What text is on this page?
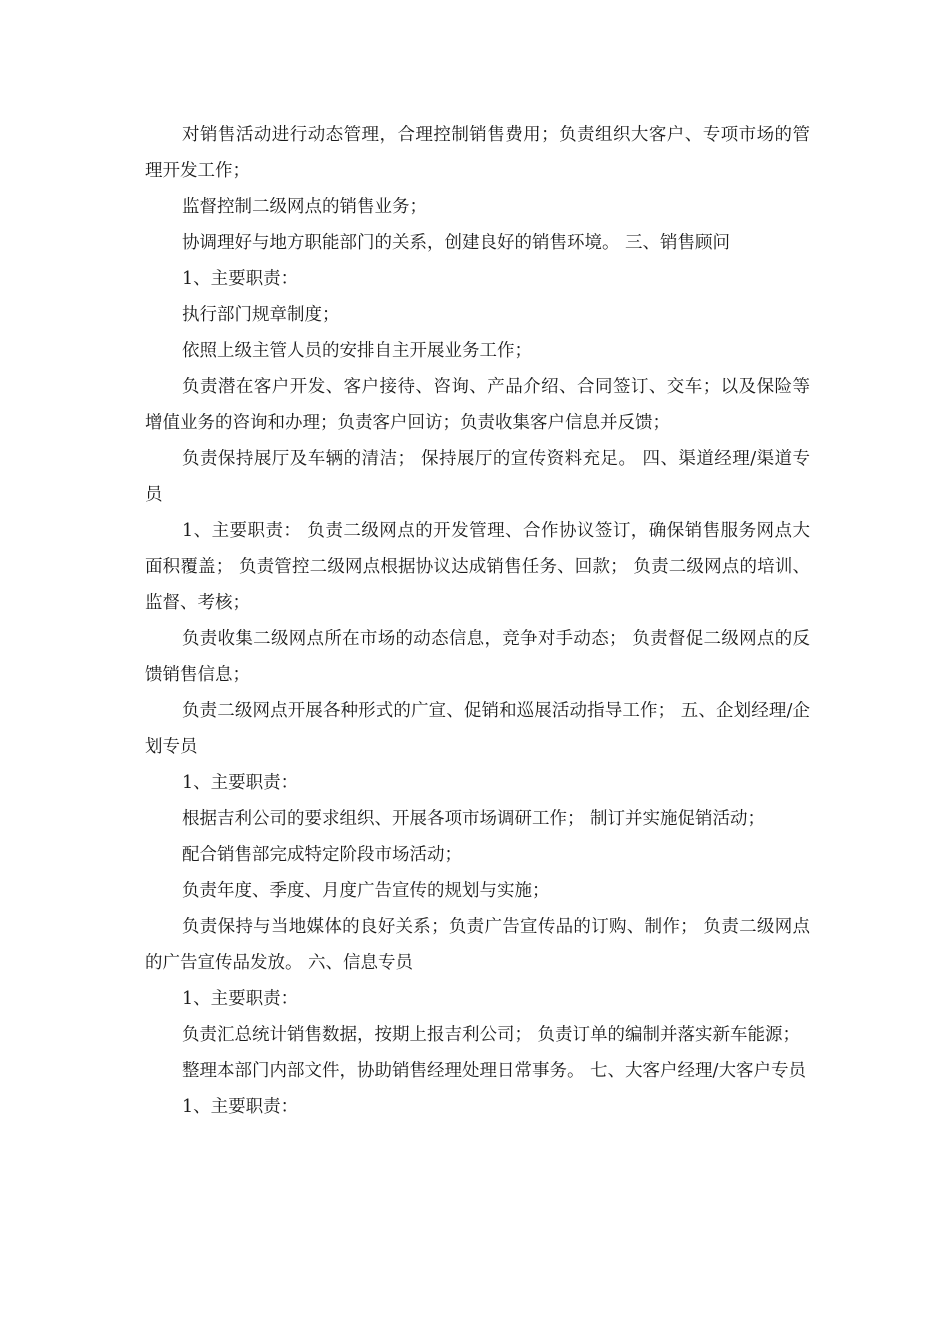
对销售活动进行动态管理，合理控制销售费用；负责组织大客户、专项市场的管理开发工作；

监督控制二级网点的销售业务；

协调理好与地方职能部门的关系，创建良好的销售环境。 三、销售顾问

1、主要职责：

执行部门规章制度；

依照上级主管人员的安排自主开展业务工作；

负责潜在客户开发、客户接待、咨询、产品介绍、合同签订、交车；以及保险等增值业务的咨询和办理；负责客户回访；负责收集客户信息并反馈；

负责保持展厅及车辆的清洁； 保持展厅的宣传资料充足。 四、渠道经理/渠道专员

1、主要职责： 负责二级网点的开发管理、合作协议签订，确保销售服务网点大面积覆盖； 负责管控二级网点根据协议达成销售任务、回款； 负责二级网点的培训、监督、考核；

负责收集二级网点所在市场的动态信息，竞争对手动态； 负责督促二级网点的反馈销售信息；

负责二级网点开展各种形式的广宣、促销和巡展活动指导工作； 五、企划经理/企划专员

1、主要职责：

根据吉利公司的要求组织、开展各项市场调研工作； 制订并实施促销活动；

配合销售部完成特定阶段市场活动；

负责年度、季度、月度广告宣传的规划与实施；

负责保持与当地媒体的良好关系；负责广告宣传品的订购、制作； 负责二级网点的广告宣传品发放。 六、信息专员

1、主要职责：

负责汇总统计销售数据，按期上报吉利公司； 负责订单的编制并落实新车能源；

整理本部门内部文件，协助销售经理处理日常事务。 七、大客户经理/大客户专员

1、主要职责：
